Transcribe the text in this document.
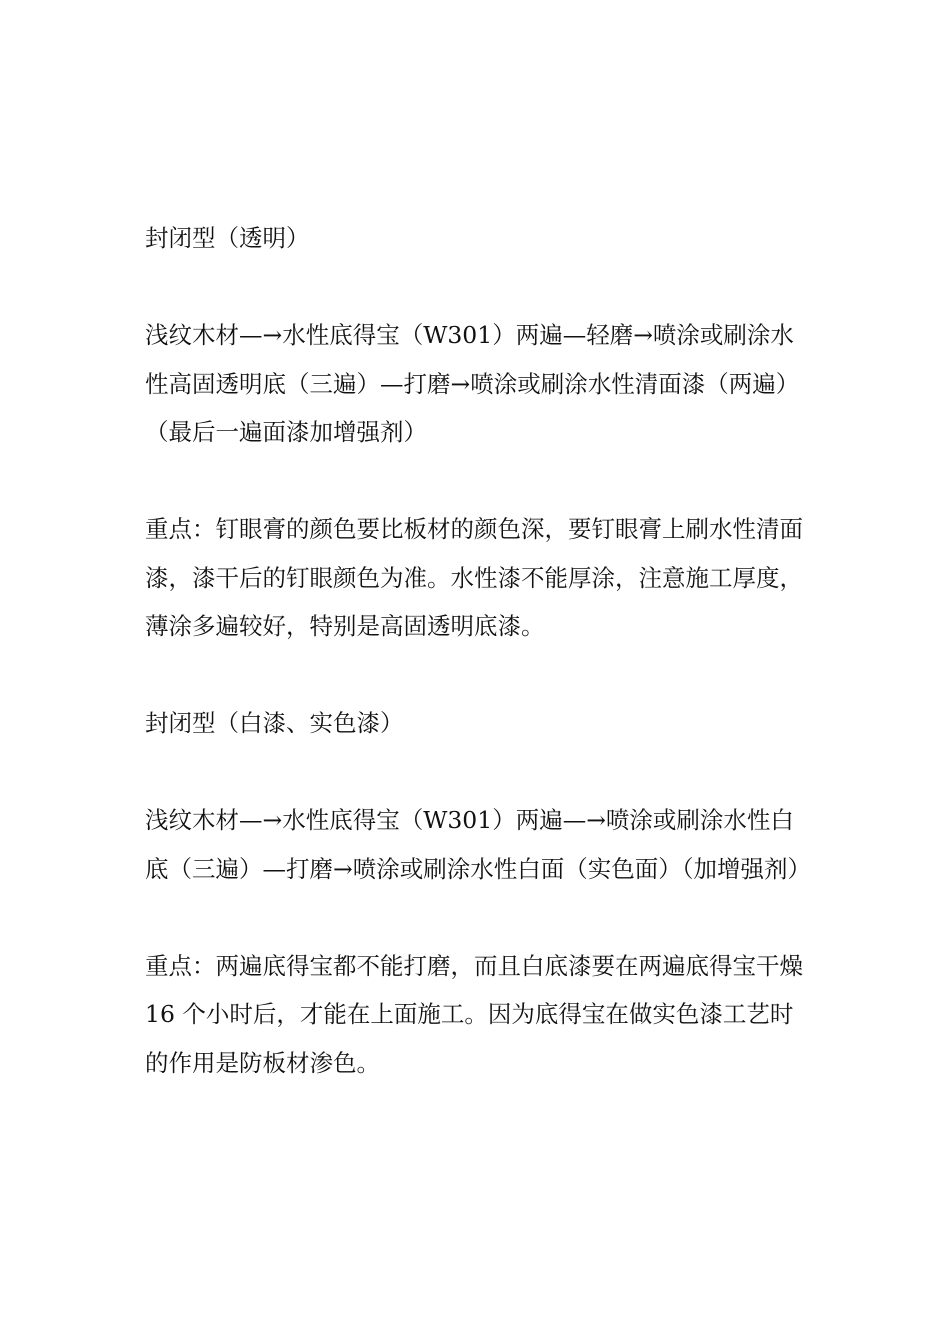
封闭型（透明）

浅纹木材—→水性底得宝（W301）两遍—轻磨→喷涂或刷涂水性高固透明底（三遍）—打磨→喷涂或刷涂水性清面漆（两遍）（最后一遍面漆加增强剂）

重点：钉眼膏的颜色要比板材的颜色深，要钉眼膏上刷水性清面漆，漆干后的钉眼颜色为准。水性漆不能厚涂，注意施工厚度，薄涂多遍较好，特别是高固透明底漆。

封闭型（白漆、实色漆）

浅纹木材—→水性底得宝（W301）两遍—→喷涂或刷涂水性白底（三遍）—打磨→喷涂或刷涂水性白面（实色面）（加增强剂）

重点：两遍底得宝都不能打磨，而且白底漆要在两遍底得宝干燥 16 个小时后，才能在上面施工。因为底得宝在做实色漆工艺时的作用是防板材渗色。
